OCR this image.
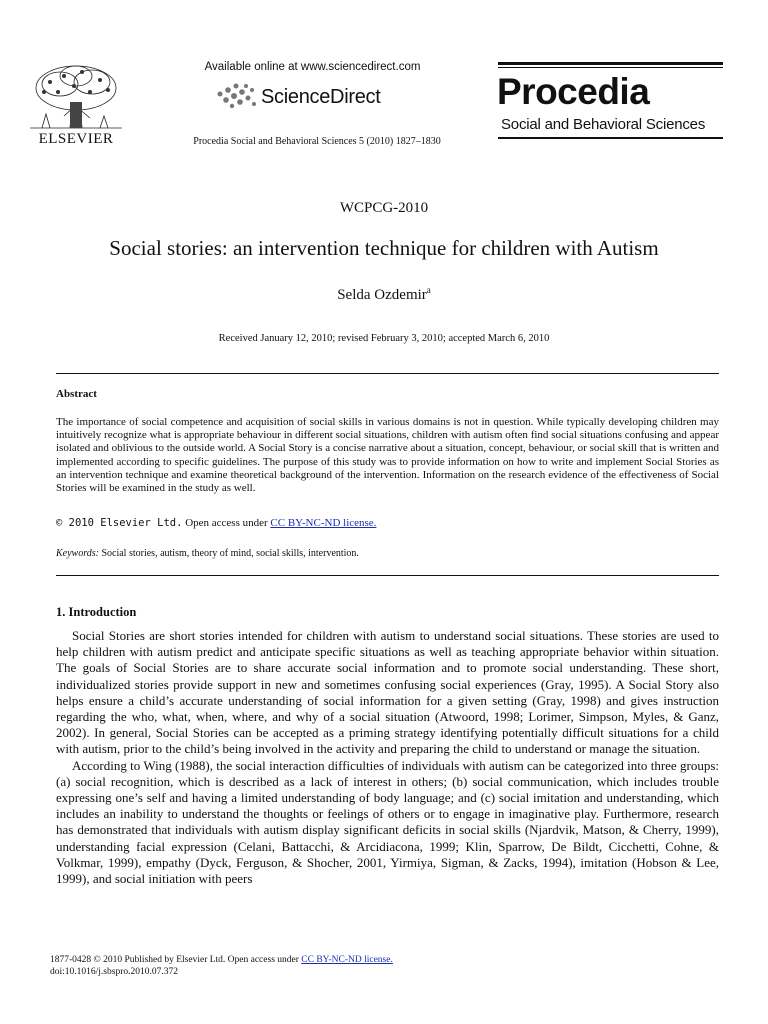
ELSEVIER
Available online at www.sciencedirect.com
ScienceDirect
Procedia Social and Behavioral Sciences 5 (2010) 1827–1830
Procedia
Social and Behavioral Sciences
WCPCG-2010
Social stories: an intervention technique for children with Autism
Selda Ozdemir$^a$
Received January 12, 2010; revised February 3, 2010; accepted March 6, 2010
Abstract
The importance of social competence and acquisition of social skills in various domains is not in question. While typically developing children may intuitively recognize what is appropriate behaviour in different social situations, children with autism often find social situations confusing and appear isolated and oblivious to the outside world. A Social Story is a concise narrative about a situation, concept, behaviour, or social skill that is written and implemented according to specific guidelines. The purpose of this study was to provide information on how to write and implement Social Stories as an intervention technique and examine theoretical background of the intervention. Information on the research evidence of the effectiveness of Social Stories will be examined in the study as well.
© 2010 Elsevier Ltd. Open access under CC BY-NC-ND license.
Keywords: Social stories, autism, theory of mind, social skills, intervention.
1. Introduction

Social Stories are short stories intended for children with autism to understand social situations. These stories are used to help children with autism predict and anticipate specific situations as well as teaching appropriate behavior within situation. The goals of Social Stories are to share accurate social information and to promote social understanding. These short, individualized stories provide support in new and sometimes confusing social experiences (Gray, 1995). A Social Story also helps ensure a child’s accurate understanding of social information for a given setting (Gray, 1998) and gives instruction regarding the who, what, when, where, and why of a social situation (Atwoord, 1998; Lorimer, Simpson, Myles, & Ganz, 2002). In general, Social Stories can be accepted as a priming strategy identifying potentially difficult situations for a child with autism, prior to the child’s being involved in the activity and preparing the child to understand or manage the situation.

According to Wing (1988), the social interaction difficulties of individuals with autism can be categorized into three groups: (a) social recognition, which is described as a lack of interest in others; (b) social communication, which includes trouble expressing one’s self and having a limited understanding of body language; and (c) social imitation and understanding, which includes an inability to understand the thoughts or feelings of others or to engage in imaginative play. Furthermore, research has demonstrated that individuals with autism display significant deficits in social skills (Njardvik, Matson, & Cherry, 1999), understanding facial expression (Celani, Battacchi, & Arcidiacona, 1999; Klin, Sparrow, De Bildt, Cicchetti, Cohne, & Volkmar, 1999), empathy (Dyck, Ferguson, & Shocher, 2001, Yirmiya, Sigman, & Zacks, 1994), imitation (Hobson & Lee, 1999), and social initiation with peers

1877-0428 © 2010 Published by Elsevier Ltd. Open access under CC BY-NC-ND license.
doi:10.1016/j.sbspro.2010.07.372
